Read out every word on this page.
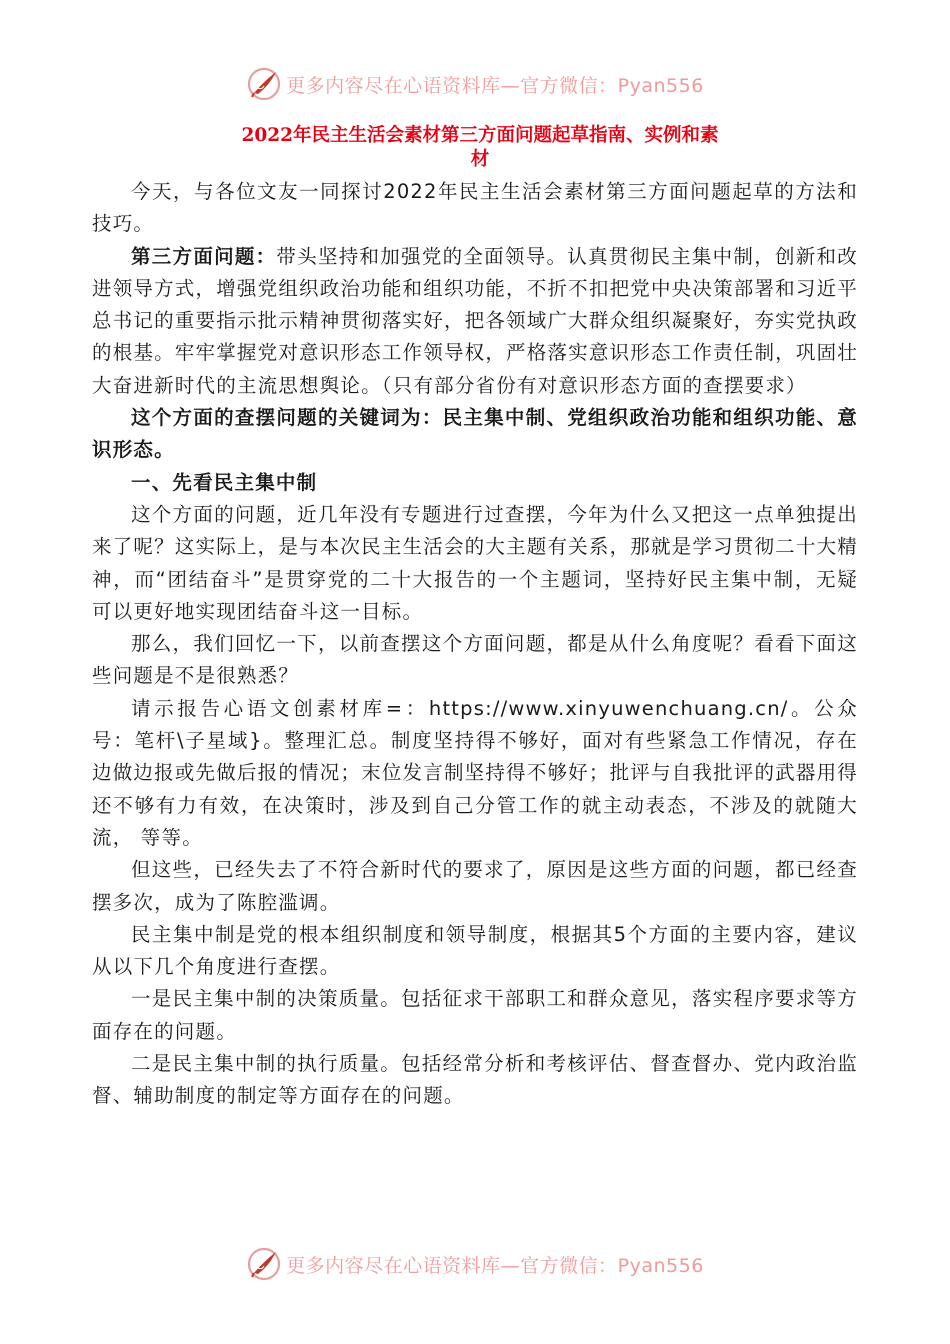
更多内容尽在心语资料库—官方微信：Pyan556
2022年民主生活会素材第三方面问题起草指南、实例和素
材

今天，与各位文友一同探讨2022年民主生活会素材第三方面问题起草的方法和技巧。

第三方面问题：带头坚持和加强党的全面领导。认真贯彻民主集中制，创新和改进领导方式，增强党组织政治功能和组织功能，不折不扣把党中央决策部署和习近平总书记的重要指示批示精神贯彻落实好，把各领域广大群众组织凝聚好，夯实党执政的根基。牢牢掌握党对意识形态工作领导权，严格落实意识形态工作责任制，巩固壮大奋进新时代的主流思想舆论。（只有部分省份有对意识形态方面的查摆要求）

这个方面的查摆问题的关键词为：民主集中制、党组织政治功能和组织功能、意识形态。

一、先看民主集中制

这个方面的问题，近几年没有专题进行过查摆，今年为什么又把这一点单独提出来了呢？这实际上，是与本次民主生活会的大主题有关系，那就是学习贯彻二十大精神，而“团结奋斗”是贯穿党的二十大报告的一个主题词，坚持好民主集中制，无疑可以更好地实现团结奋斗这一目标。

那么，我们回忆一下，以前查摆这个方面问题，都是从什么角度呢？看看下面这些问题是不是很熟悉？

请示报告心语文创素材库=：https://www.xinyuwenchuang.cn/。公众号：笔杆\子星域}。整理汇总。制度坚持得不够好，面对有些紧急工作情况，存在边做边报或先做后报的情况；末位发言制坚持得不够好；批评与自我批评的武器用得还不够有力有效，在决策时，涉及到自己分管工作的就主动表态，不涉及的就随大流， 等等。

但这些，已经失去了不符合新时代的要求了，原因是这些方面的问题，都已经查摆多次，成为了陈腔滥调。

民主集中制是党的根本组织制度和领导制度，根据其5个方面的主要内容，建议从以下几个角度进行查摆。

一是民主集中制的决策质量。包括征求干部职工和群众意见，落实程序要求等方面存在的问题。

二是民主集中制的执行质量。包括经常分析和考核评估、督查督办、党内政治监督、辅助制度的制定等方面存在的问题。

更多内容尽在心语资料库—官方微信：Pyan556
